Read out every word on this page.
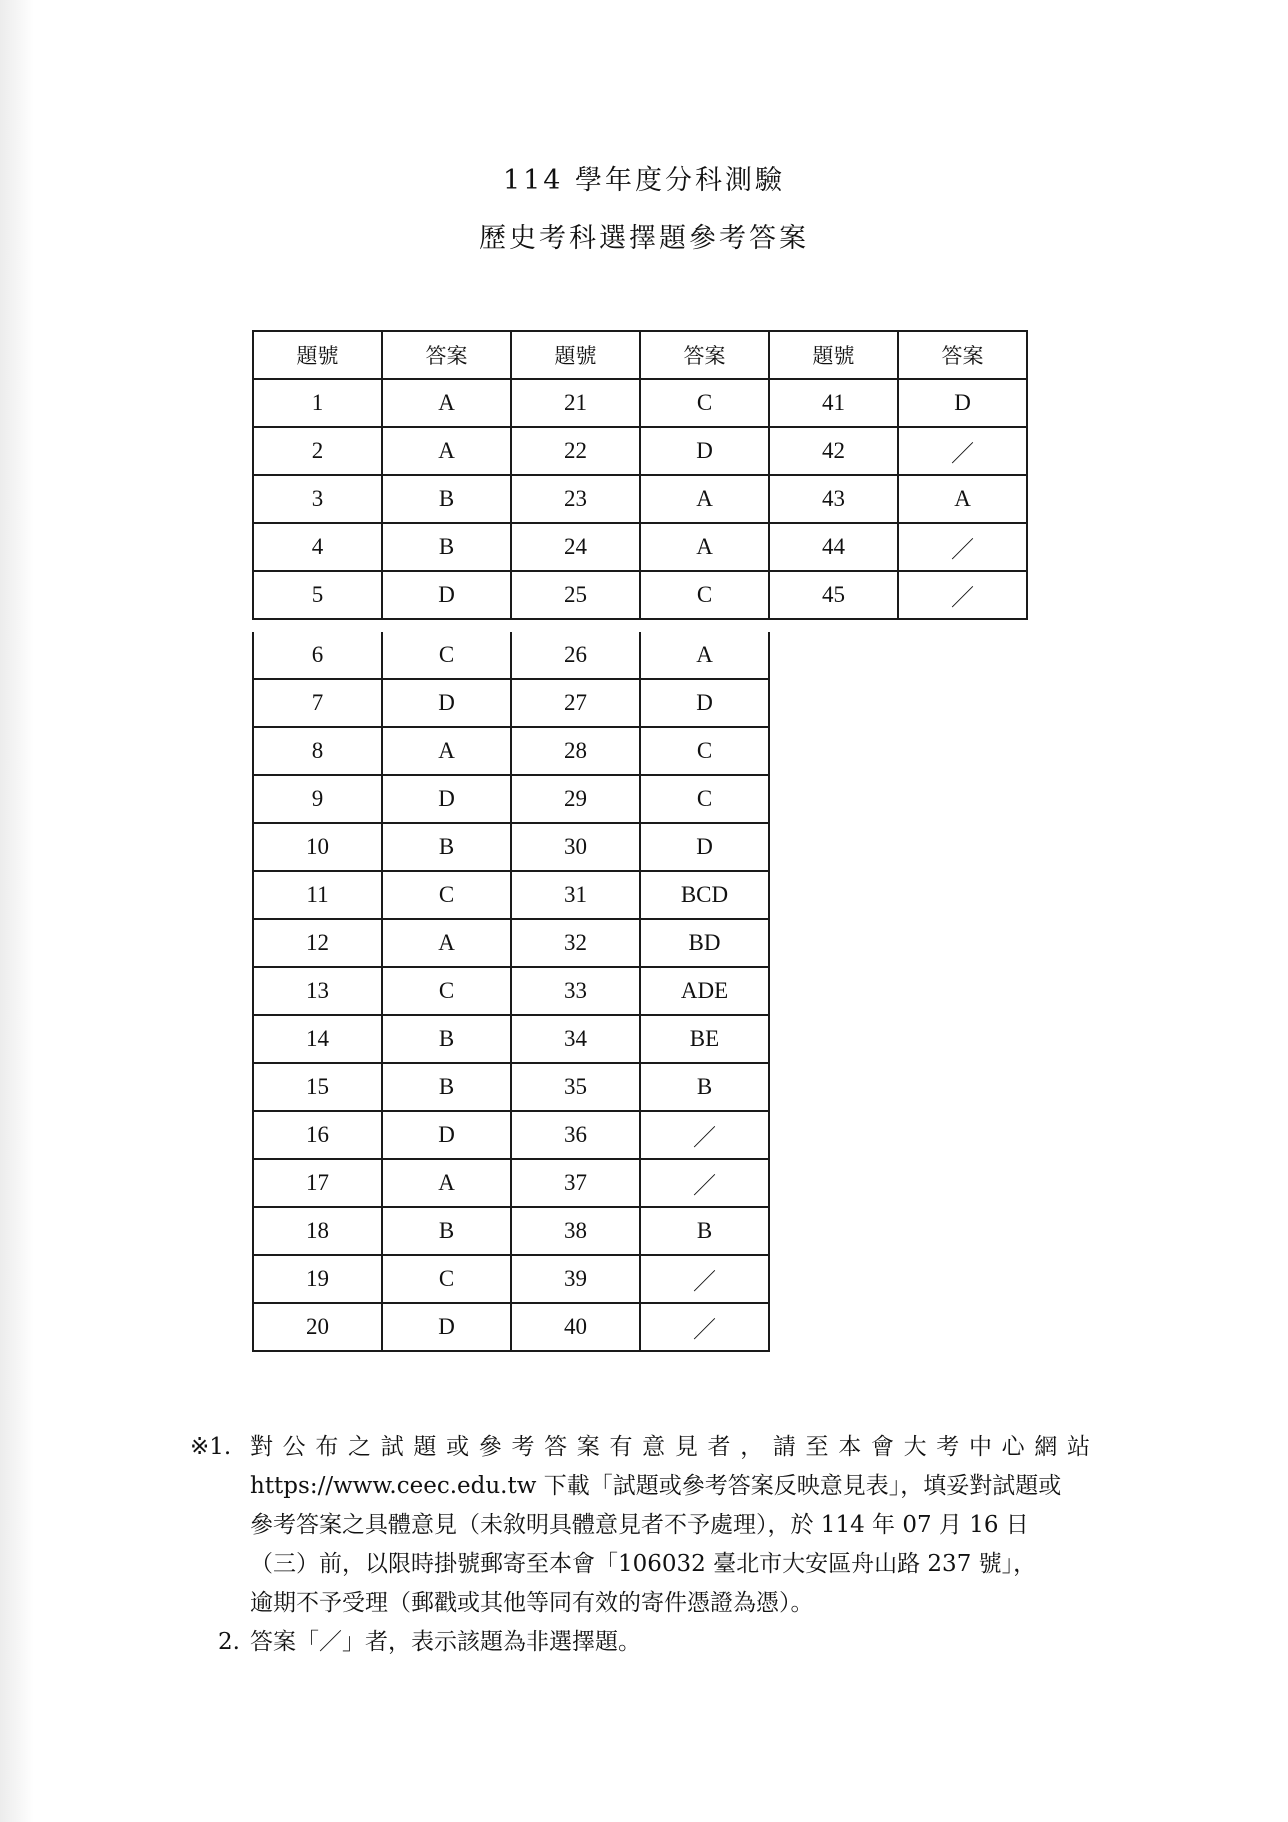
114 學年度分科測驗
歷史考科選擇題參考答案
題號	答案	題號	答案	題號	答案
1	A	21	C	41	D
2	A	22	D	42	／
3	B	23	A	43	A
4	B	24	A	44	／
5	D	25	C	45	／
6	C	26	A
7	D	27	D
8	A	28	C
9	D	29	C
10	B	30	D
11	C	31	BCD
12	A	32	BD
13	C	33	ADE
14	B	34	BE
15	B	35	B
16	D	36	／
17	A	37	／
18	B	38	B
19	C	39	／
20	D	40	／
※1. 對公布之試題或參考答案有意見者，請至本會大考中心網站
https://www.ceec.edu.tw 下載「試題或參考答案反映意見表」，填妥對試題或
參考答案之具體意見（未敘明具體意見者不予處理），於 114 年 07 月 16 日
（三）前，以限時掛號郵寄至本會「106032 臺北市大安區舟山路 237 號」，
逾期不予受理（郵戳或其他等同有效的寄件憑證為憑）。
2. 答案「／」者，表示該題為非選擇題。
